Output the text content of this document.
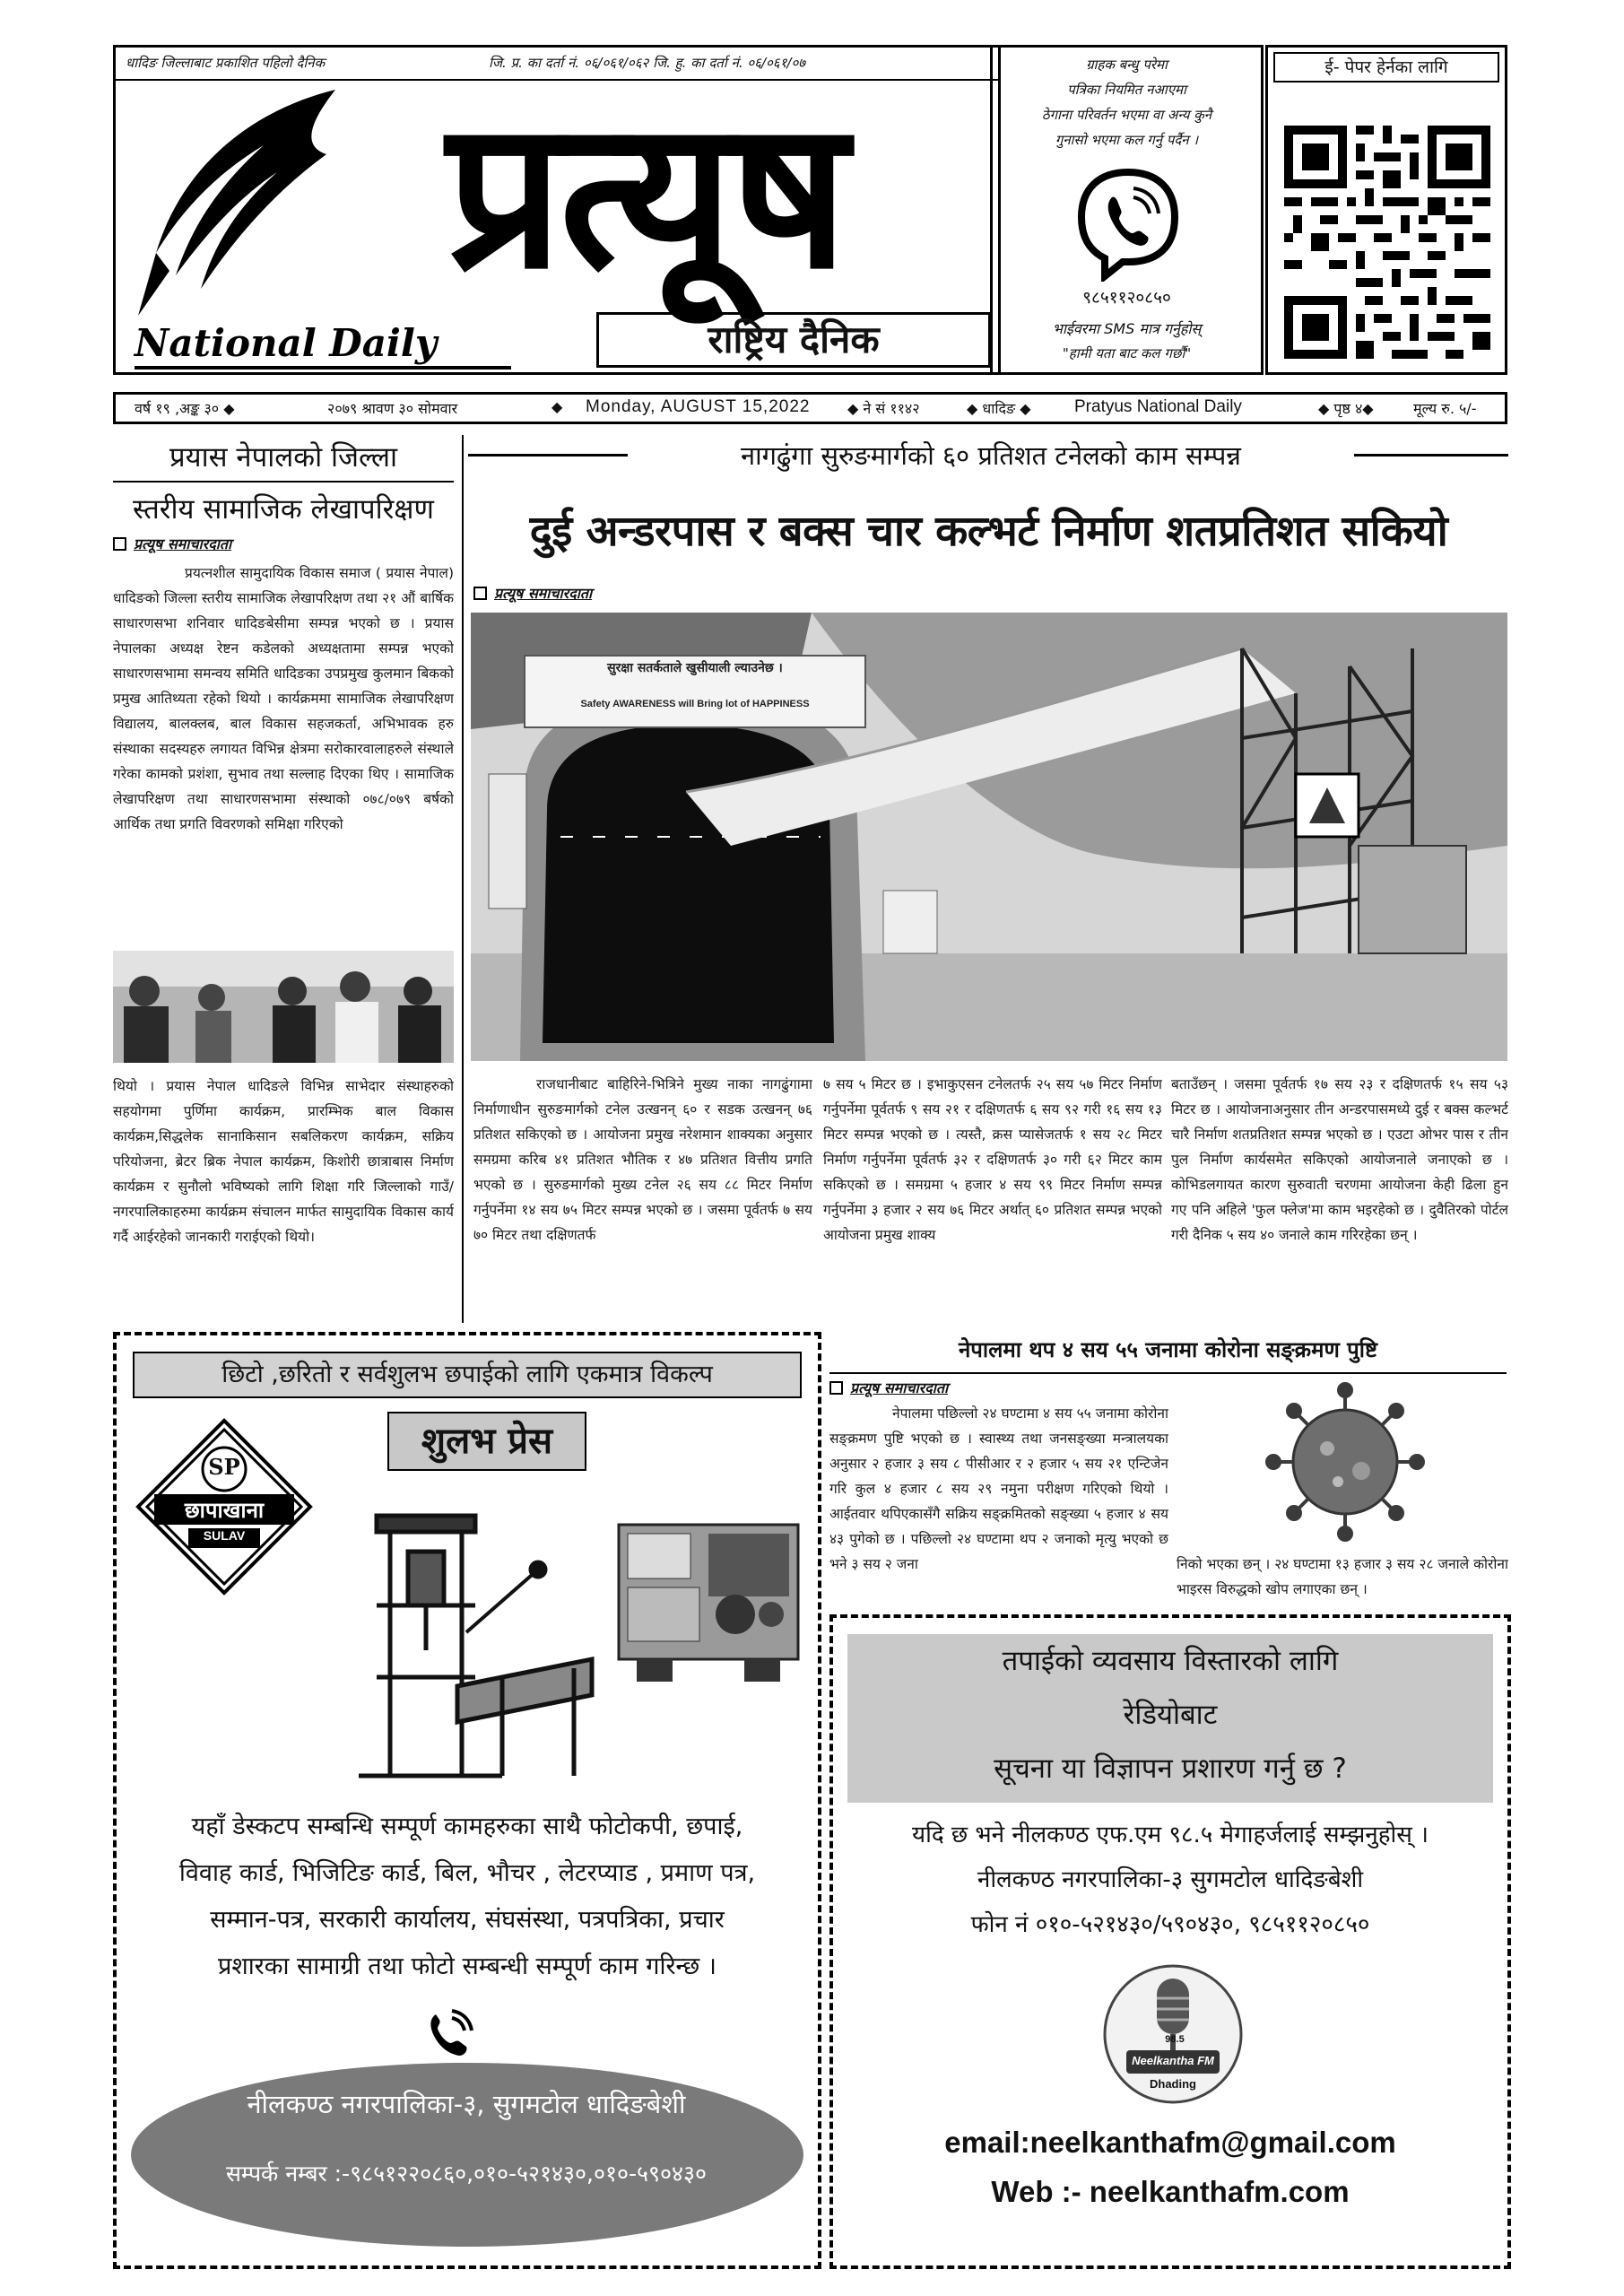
धादिङ जिल्लाबाट प्रकाशित पहिलो दैनिक	जि. प्र. का दर्ता नं. ०६/०६१/०६२ जि. हु. का दर्ता नं. ०६/०६१/०७
प्रत्यूष
National Daily	राष्ट्रिय दैनिक
ग्राहक बन्धु परेमा
पत्रिका नियमित नआएमा
ठेगाना परिवर्तन भएमा वा अन्य कुनै
गुनासो भएमा कल गर्नु पर्दैन ।
९८५११२०८५०
भाईवरमा SMS मात्र गर्नुहोस्
"हामी यता बाट कल गर्छौ"
ई- पेपर हेर्नका लागि
वर्ष १९ ,अङ्क ३० ◆	२०७९ श्रावण ३० सोमवार	◆ Monday, AUGUST 15,2022	◆ ने सं ११४२	◆ धादिङ ◆	Pratyus National Daily	◆ पृष्ठ ४◆	मूल्य रु. ५/-
प्रयास नेपालको जिल्ला
स्तरीय सामाजिक लेखापरिक्षण
प्रत्यूष समाचारदाता
प्रयत्नशील सामुदायिक विकास समाज ( प्रयास नेपाल) धादिङको जिल्ला स्तरीय सामाजिक लेखापरिक्षण तथा २१ औं बार्षिक साधारणसभा शनिवार धादिङबेसीमा सम्पन्न भएको छ । प्रयास नेपालका अध्यक्ष रेष्टन कडेलको अध्यक्षतामा सम्पन्न भएको साधारणसभामा समन्वय समिति धादिङका उपप्रमुख कुलमान बिकको प्रमुख आतिथ्यता रहेको थियो । कार्यक्रममा सामाजिक लेखापरिक्षण विद्यालय, बालक्लब, बाल विकास सहजकर्ता, अभिभावक हरु संस्थाका सदस्यहरु लगायत विभिन्न क्षेत्रमा सरोकारवालाहरुले संस्थाले गरेका कामको प्रशंशा, सुभाव तथा सल्लाह दिएका थिए । सामाजिक लेखापरिक्षण तथा साधारणसभामा संस्थाको ०७८/०७९ बर्षको आर्थिक तथा प्रगति विवरणको समिक्षा गरिएको
थियो । प्रयास नेपाल धादिङले विभिन्न साभेदार संस्थाहरुको सहयोगमा पुर्णिमा कार्यक्रम, प्रारम्भिक बाल विकास कार्यक्रम,सिद्धलेक सानाकिसान सबलिकरण कार्यक्रम, सक्रिय परियोजना, ब्रेटर ब्रिक नेपाल कार्यक्रम, किशोरी छात्राबास निर्माण कार्यक्रम र सुनौलो भविष्यको लागि शिक्षा गरि जिल्लाको गाउँ/नगरपालिकाहरुमा कार्यक्रम संचालन मार्फत सामुदायिक विकास कार्य गर्दै आईरहेको जानकारी गराईएको थियो।
नागढुंगा सुरुङमार्गको ६० प्रतिशत टनेलको काम सम्पन्न
दुई अन्डरपास र बक्स चार कल्भर्ट निर्माण शतप्रतिशत सकियो
प्रत्यूष समाचारदाता
सुरक्षा सतर्कताले खुसीयाली ल्याउनेछ ।
Safety AWARENESS will Bring lot of HAPPINESS
राजधानीबाट बाहिरिने-भित्रिने मुख्य नाका नागढुंगामा निर्माणाधीन सुरुङमार्गको टनेल उत्खनन् ६० र सडक उत्खनन् ७६ प्रतिशत सकिएको छ । आयोजना प्रमुख नरेशमान शाक्यका अनुसार समग्रमा करिब ४१ प्रतिशत भौतिक र ४७ प्रतिशत वित्तीय प्रगति भएको छ । सुरुङमार्गको मुख्य टनेल २६ सय ८८ मिटर निर्माण गर्नुपर्नेमा १४ सय ७५ मिटर सम्पन्न भएको छ । जसमा पूर्वतर्फ ७ सय ७० मिटर तथा दक्षिणतर्फ
७ सय ५ मिटर छ । इभाकुएसन टनेलतर्फ २५ सय ५७ मिटर निर्माण गर्नुपर्नेमा पूर्वतर्फ ९ सय २१ र दक्षिणतर्फ ६ सय ९२ गरी १६ सय १३ मिटर सम्पन्न भएको छ । त्यस्तै, क्रस प्यासेजतर्फ १ सय २८ मिटर निर्माण गर्नुपर्नेमा पूर्वतर्फ ३२ र दक्षिणतर्फ ३० गरी ६२ मिटर काम सकिएको छ । समग्रमा ५ हजार ४ सय ९९ मिटर निर्माण सम्पन्न गर्नुपर्नेमा ३ हजार २ सय ७६ मिटर अर्थात् ६० प्रतिशत सम्पन्न भएको आयोजना प्रमुख शाक्य
बताउँछन् । जसमा पूर्वतर्फ १७ सय २३ र दक्षिणतर्फ १५ सय ५३ मिटर छ । आयोजनाअनुसार तीन अन्डरपासमध्ये दुई र बक्स कल्भर्ट चारै निर्माण शतप्रतिशत सम्पन्न भएको छ । एउटा ओभर पास र तीन पुल निर्माण कार्यसमेत सकिएको आयोजनाले जनाएको छ । कोभिडलगायत कारण सुरुवाती चरणमा आयोजना केही ढिला हुन गए पनि अहिले 'फुल फ्लेज'मा काम भइरहेको छ । दुवैतिरको पोर्टल गरी दैनिक ५ सय ४० जनाले काम गरिरहेका छन् ।
छिटो ,छरितो र सर्वशुलभ छपाईको लागि एकमात्र विकल्प
SP
छापाखाना
SULAV
शुलभ प्रेस
यहाँ डेस्कटप सम्बन्धि सम्पूर्ण कामहरुका साथै फोटोकपी, छपाई,
विवाह कार्ड, भिजिटिङ कार्ड, बिल, भौचर , लेटरप्याड , प्रमाण पत्र,
सम्मान-पत्र, सरकारी कार्यालय, संघसंस्था, पत्रपत्रिका, प्रचार
प्रशारका सामाग्री तथा फोटो सम्बन्धी सम्पूर्ण काम गरिन्छ ।
नीलकण्ठ नगरपालिका-३, सुगमटोल धादिङबेशी
सम्पर्क नम्बर :-९८५१२२०८६०,०१०-५२१४३०,०१०-५९०४३०
नेपालमा थप ४ सय ५५ जनामा कोरोना सङ्क्रमण पुष्टि
प्रत्यूष समाचारदाता
नेपालमा पछिल्लो २४ घण्टामा ४ सय ५५ जनामा कोरोना सङ्क्रमण पुष्टि भएको छ । स्वास्थ्य तथा जनसङ्ख्या मन्त्रालयका अनुसार २ हजार ३ सय ८ पीसीआर र २ हजार ५ सय २१ एन्टिजेन गरि कुल ४ हजार ८ सय २९ नमुना परीक्षण गरिएको थियो । आईतवार थपिएकासँगै सक्रिय सङ्क्रमितको सङ्ख्या ५ हजार ४ सय ४३ पुगेको छ । पछिल्लो २४ घण्टामा थप २ जनाको मृत्यु भएको छ भने ३ सय २ जना	निको भएका छन् । २४ घण्टामा १३ हजार ३ सय २८ जनाले कोरोना भाइरस विरुद्धको खोप लगाएका छन् ।
तपाईको व्यवसाय विस्तारको लागि
रेडियोबाट
सूचना या विज्ञापन प्रशारण गर्नु छ ?
यदि छ भने नीलकण्ठ एफ.एम ९८.५ मेगाहर्जलाई सम्झनुहोस् ।
नीलकण्ठ नगरपालिका-३ सुगमटोल धादिङबेशी
फोन नं ०१०-५२१४३०/५९०४३०, ९८५११२०८५०
98.5
Neelkantha FM
Dhading
email:neelkanthafm@gmail.com
Web :- neelkanthafm.com
